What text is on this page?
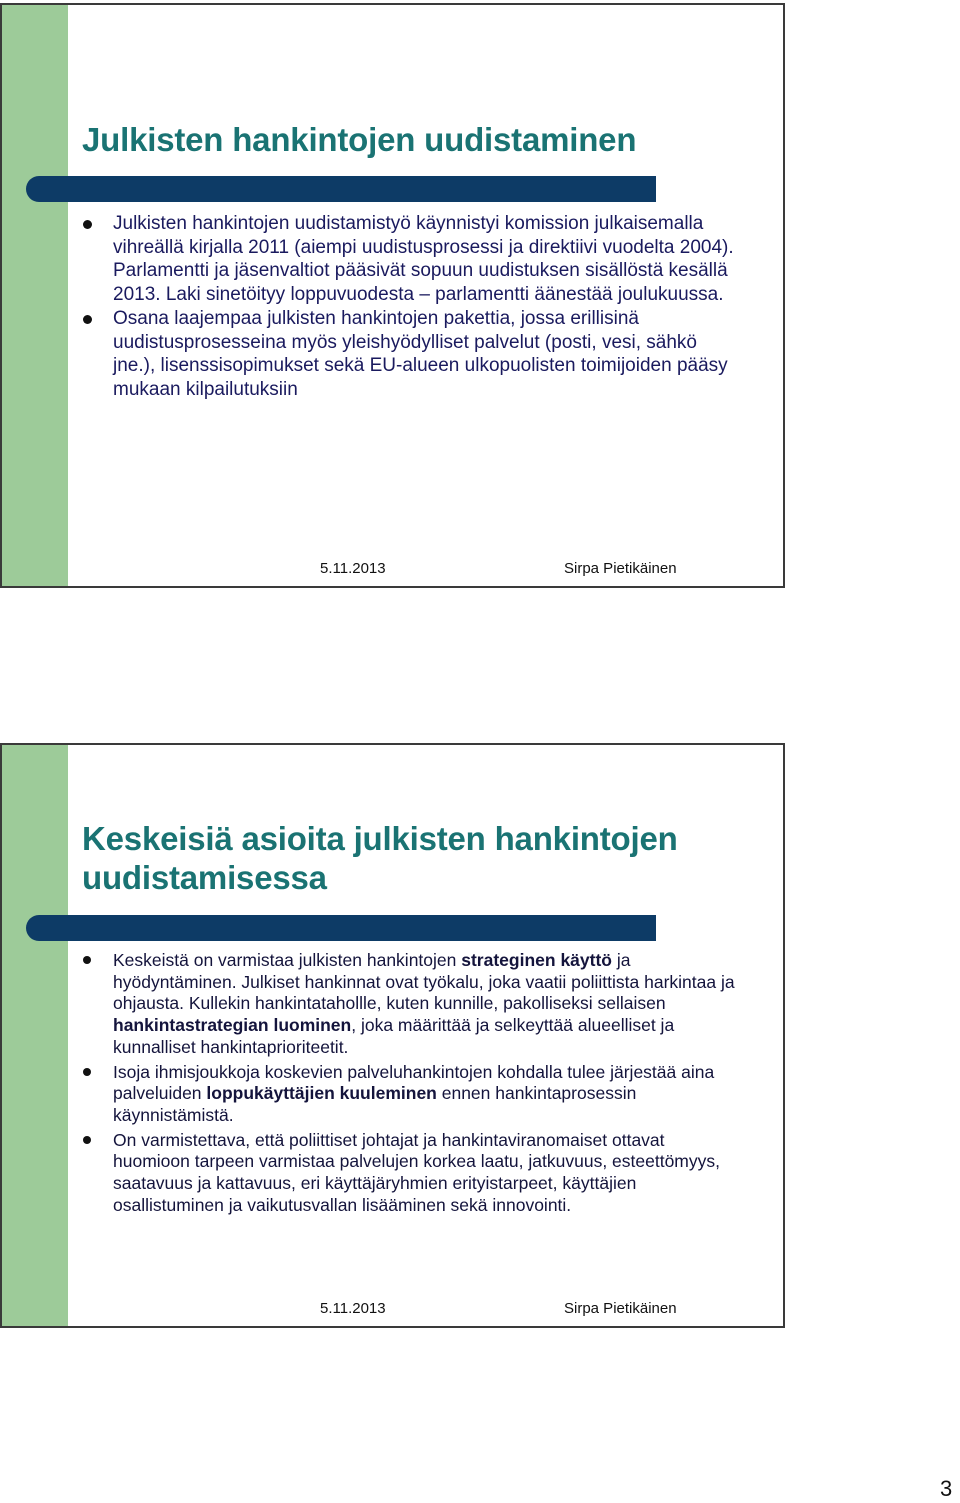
Julkisten hankintojen uudistaminen
Julkisten hankintojen uudistamistyö käynnistyi komission julkaisemalla vihreällä kirjalla 2011 (aiempi uudistusprosessi ja direktiivi vuodelta 2004). Parlamentti ja jäsenvaltiot pääsivät sopuun uudistuksen sisällöstä kesällä 2013. Laki sinetöityy loppuvuodesta – parlamentti äänestää joulukuussa.
Osana laajempaa julkisten hankintojen pakettia, jossa erillisinä uudistusprosesseina myös yleishyödylliset palvelut (posti, vesi, sähkö jne.), lisenssisopimukset sekä EU-alueen ulkopuolisten toimijoiden pääsy mukaan kilpailutuksiin
5.11.2013	Sirpa Pietikäinen
Keskeisiä asioita julkisten hankintojen uudistamisessa
Keskeistä on varmistaa julkisten hankintojen strateginen käyttö ja hyödyntäminen. Julkiset hankinnat ovat työkalu, joka vaatii poliittista harkintaa ja ohjausta. Kullekin hankintatahollle, kuten kunnille, pakolliseksi sellaisen hankintastrategian luominen, joka määrittää ja selkeyttää alueelliset ja kunnalliset hankintaprioriteetit.
Isoja ihmisjoukkoja koskevien palveluhankintojen kohdalla tulee järjestää aina palveluiden loppukäyttäjien kuuleminen ennen hankintaprosessin käynnistämistä.
On varmistettava, että poliittiset johtajat ja hankintaviranomaiset ottavat huomioon tarpeen varmistaa palvelujen korkea laatu, jatkuvuus, esteettömyys, saatavuus ja kattavuus, eri käyttäjäryhmien erityistarpeet, käyttäjien osallistuminen ja vaikutusvallan lisääminen sekä innovointi.
5.11.2013	Sirpa Pietikäinen
3
